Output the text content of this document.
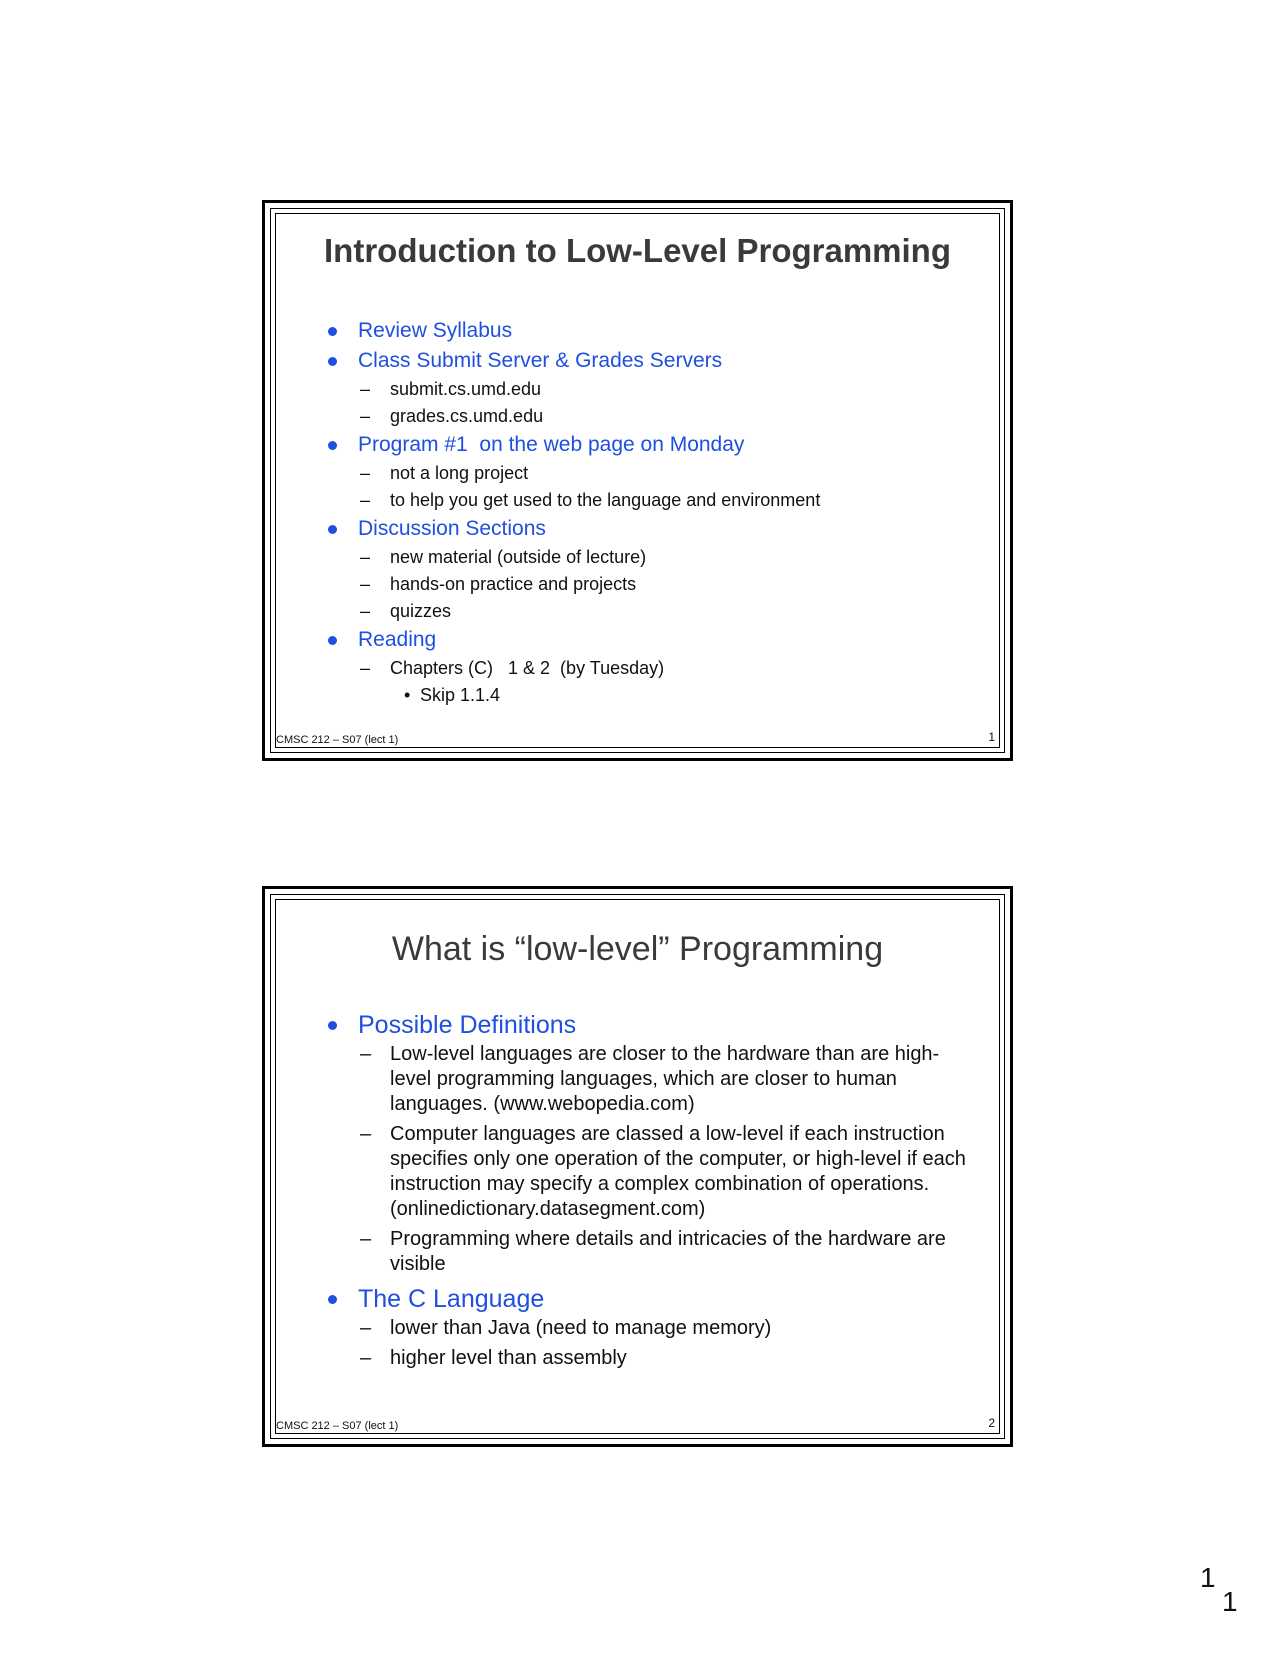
Introduction to Low-Level Programming
Review Syllabus
Class Submit Server & Grades Servers
– submit.cs.umd.edu
– grades.cs.umd.edu
Program #1  on the web page on Monday
– not a long project
– to help you get used to the language and environment
Discussion Sections
– new material (outside of lecture)
– hands-on practice and projects
– quizzes
Reading
– Chapters (C)   1 & 2  (by Tuesday)
• Skip 1.1.4
CMSC 212 – S07 (lect 1)	1
What is “low-level” Programming
Possible Definitions
– Low-level languages are closer to the hardware than are high-level programming languages, which are closer to human languages. (www.webopedia.com)
– Computer languages are classed a low-level if each instruction specifies only one operation of the computer, or high-level if each instruction may specify a complex combination of operations. (onlinedictionary.datasegment.com)
– Programming where details and intricacies of the hardware are visible
The C Language
– lower than Java (need to manage memory)
– higher level than assembly
CMSC 212 – S07 (lect 1)	2
1
1
